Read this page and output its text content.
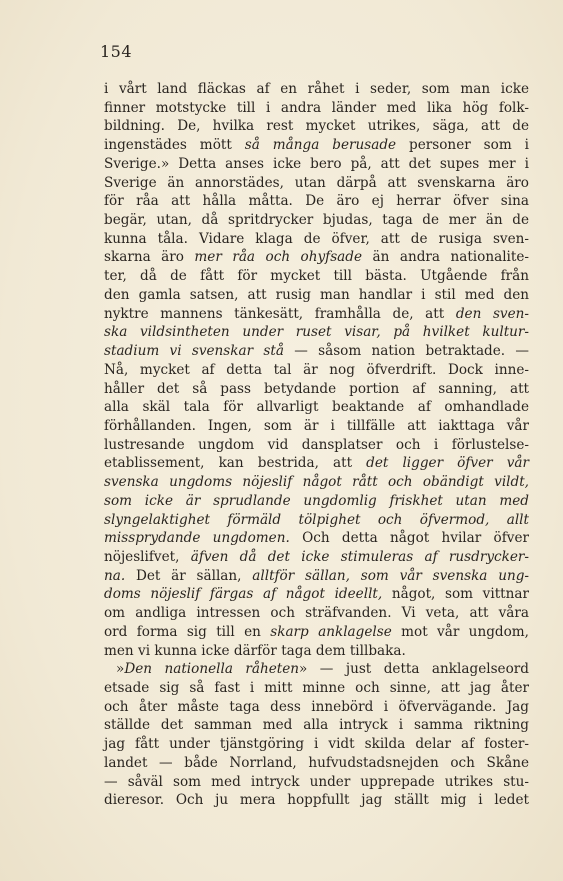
154
i vårt land fläckas af en råhet i seder, som man icke
finner motstycke till i andra länder med lika hög folk-
bildning. De, hvilka rest mycket utrikes, säga, att de
ingenstädes mött så många berusade personer som i
Sverige.» Detta anses icke bero på, att det supes mer i
Sverige än annorstädes, utan därpå att svenskarna äro
för råa att hålla måtta. De äro ej herrar öfver sina
begär, utan, då spritdrycker bjudas, taga de mer än de
kunna tåla. Vidare klaga de öfver, att de rusiga sven-
skarna äro mer råa och ohyfsade än andra nationalite-
ter, då de fått för mycket till bästa. Utgående från
den gamla satsen, att rusig man handlar i stil med den
nyktre mannens tänkesätt, framhålla de, att den sven-
ska vildsintheten under ruset visar, på hvilket kultur-
stadium vi svenskar stå — såsom nation betraktade. —
Nå, mycket af detta tal är nog öfverdrift. Dock inne-
håller det så pass betydande portion af sanning, att
alla skäl tala för allvarligt beaktande af omhandlade
förhållanden. Ingen, som är i tillfälle att iakttaga vår
lustresande ungdom vid dansplatser och i förlustelse-
etablissement, kan bestrida, att det ligger öfver vår
svenska ungdoms nöjeslif något rått och obändigt vildt,
som icke är sprudlande ungdomlig friskhet utan med
slyngelaktighet förmäld tölpighet och öfvermod, allt
missprydande ungdomen. Och detta något hvilar öfver
nöjeslifvet, äfven då det icke stimuleras af rusdrycker-
na. Det är sällan, alltför sällan, som vår svenska ung-
doms nöjeslif färgas af något ideellt, något, som vittnar
om andliga intressen och sträfvanden. Vi veta, att våra
ord forma sig till en skarp anklagelse mot vår ungdom,
men vi kunna icke därför taga dem tillbaka.
»Den nationella råheten» — just detta anklagelseord
etsade sig så fast i mitt minne och sinne, att jag åter
och åter måste taga dess innebörd i öfvervägande. Jag
ställde det samman med alla intryck i samma riktning
jag fått under tjänstgöring i vidt skilda delar af foster-
landet — både Norrland, hufvudstadsnejden och Skåne
— såväl som med intryck under upprepade utrikes stu-
dieresor. Och ju mera hoppfullt jag ställt mig i ledet
